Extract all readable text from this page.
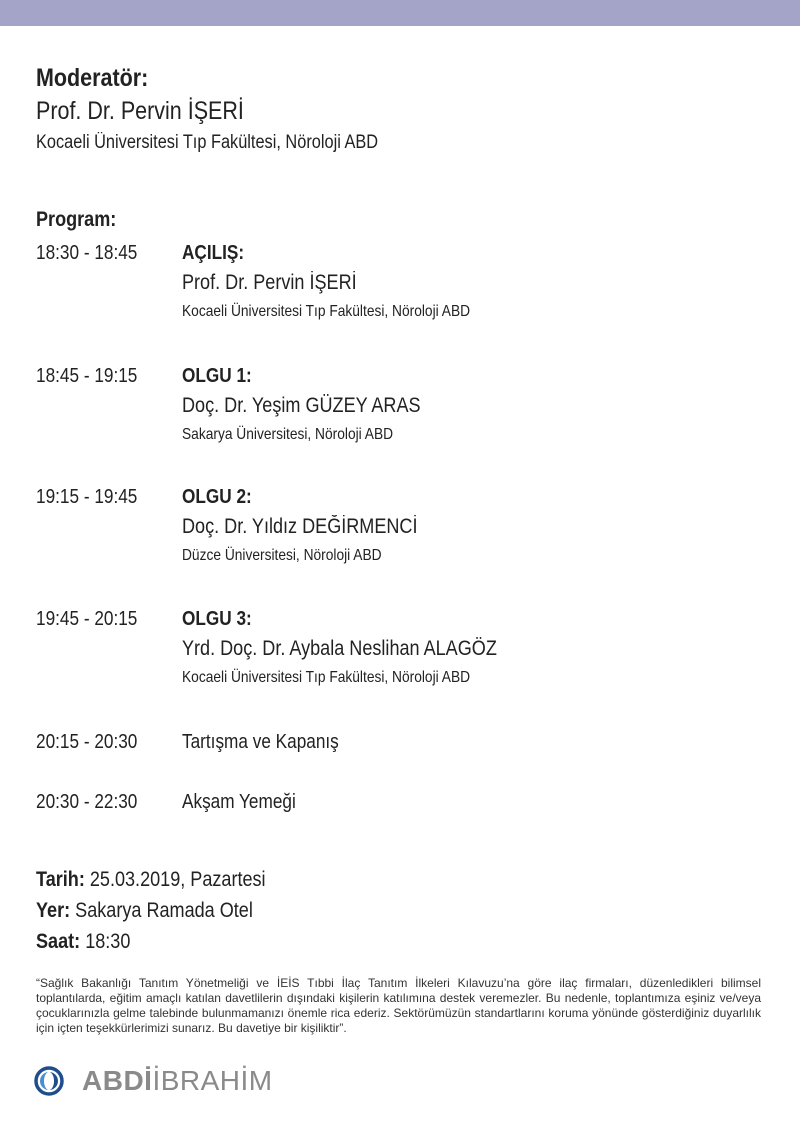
Moderatör:
Prof. Dr. Pervin İŞERİ
Kocaeli Üniversitesi Tıp Fakültesi, Nöroloji ABD
Program:
18:30 - 18:45 AÇILIŞ:
Prof. Dr. Pervin İŞERİ
Kocaeli Üniversitesi Tıp Fakültesi, Nöroloji ABD
18:45 - 19:15 OLGU 1:
Doç. Dr. Yeşim GÜZEY ARAS
Sakarya Üniversitesi, Nöroloji ABD
19:15 - 19:45 OLGU 2:
Doç. Dr. Yıldız DEĞİRMENCİ
Düzce Üniversitesi, Nöroloji ABD
19:45 - 20:15 OLGU 3:
Yrd. Doç. Dr. Aybala Neslihan ALAGÖZ
Kocaeli Üniversitesi Tıp Fakültesi, Nöroloji ABD
20:15 - 20:30 Tartışma ve Kapanış
20:30 - 22:30 Akşam Yemeği
Tarih: 25.03.2019, Pazartesi
Yer: Sakarya Ramada Otel
Saat: 18:30

“Sağlık Bakanlığı Tanıtım Yönetmeliği ve İEİS Tıbbi İlaç Tanıtım İlkeleri Kılavuzu’na göre ilaç firmaları, düzenledikleri bilimsel toplantılarda, eğitim amaçlı katılan davetlilerin dışındaki kişilerin katılımına destek veremezler. Bu nedenle, toplantımıza eşiniz ve/veya çocuklarınızla gelme talebinde bulunmamanızı önemle rica ederiz. Sektörümüzün standartlarını koruma yönünde gösterdiğiniz duyarlılık için içten teşekkürlerimizi sunarız. Bu davetiye bir kişiliktir”.

ABDİİBRAHİM
